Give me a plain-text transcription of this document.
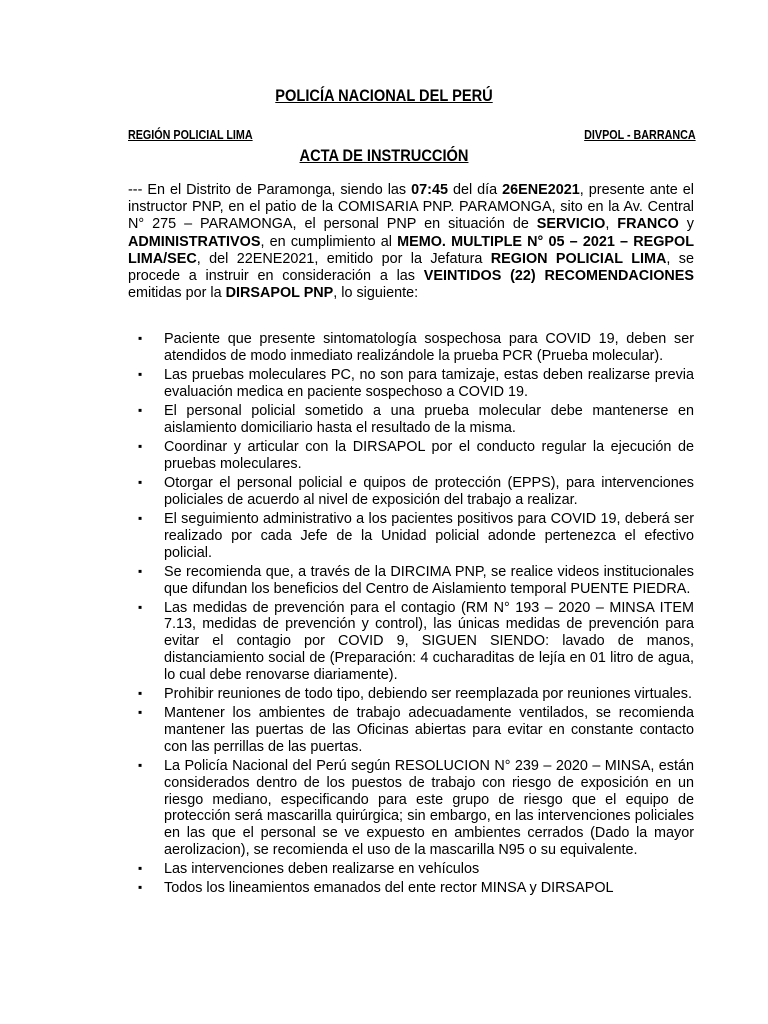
POLICÍA NACIONAL DEL PERÚ
REGIÓN POLICIAL LIMA	DIVPOL - BARRANCA
ACTA DE INSTRUCCIÓN

--- En el Distrito de Paramonga, siendo las 07:45 del día 26ENE2021, presente ante el instructor PNP, en el patio de la COMISARIA PNP. PARAMONGA, sito en la Av. Central N° 275 – PARAMONGA, el personal PNP en situación de SERVICIO, FRANCO y ADMINISTRATIVOS, en cumplimiento al MEMO. MULTIPLE N° 05 – 2021 – REGPOL LIMA/SEC, del 22ENE2021, emitido por la Jefatura REGION POLICIAL LIMA, se procede a instruir en consideración a las VEINTIDOS (22) RECOMENDACIONES emitidas por la DIRSAPOL PNP, lo siguiente:

▪ Paciente que presente sintomatología sospechosa para COVID 19, deben ser atendidos de modo inmediato realizándole la prueba PCR (Prueba molecular).
▪ Las pruebas moleculares PC, no son para tamizaje, estas deben realizarse previa evaluación medica en paciente sospechoso a COVID 19.
▪ El personal policial sometido a una prueba molecular debe mantenerse en aislamiento domiciliario hasta el resultado de la misma.
▪ Coordinar y articular con la DIRSAPOL por el conducto regular la ejecución de pruebas moleculares.
▪ Otorgar el personal policial e quipos de protección (EPPS), para intervenciones policiales de acuerdo al nivel de exposición del trabajo a realizar.
▪ El seguimiento administrativo a los pacientes positivos para COVID 19, deberá ser realizado por cada Jefe de la Unidad policial adonde pertenezca el efectivo policial.
▪ Se recomienda que, a través de la DIRCIMA PNP, se realice videos institucionales que difundan los beneficios del Centro de Aislamiento temporal PUENTE PIEDRA.
▪ Las medidas de prevención para el contagio (RM N° 193 – 2020 – MINSA ITEM 7.13, medidas de prevención y control), las únicas medidas de prevención para evitar el contagio por COVID 9, SIGUEN SIENDO: lavado de manos, distanciamiento social de (Preparación: 4 cucharaditas de lejía en 01 litro de agua, lo cual debe renovarse diariamente).
▪ Prohibir reuniones de todo tipo, debiendo ser reemplazada por reuniones virtuales.
▪ Mantener los ambientes de trabajo adecuadamente ventilados, se recomienda mantener las puertas de las Oficinas abiertas para evitar en constante contacto con las perrillas de las puertas.
▪ La Policía Nacional del Perú según RESOLUCION N° 239 – 2020 – MINSA, están considerados dentro de los puestos de trabajo con riesgo de exposición en un riesgo mediano, especificando para este grupo de riesgo que el equipo de protección será mascarilla quirúrgica; sin embargo, en las intervenciones policiales en las que el personal se ve expuesto en ambientes cerrados (Dado la mayor aerolizacion), se recomienda el uso de la mascarilla N95 o su equivalente.
▪ Las intervenciones deben realizarse en vehículos
▪ Todos los lineamientos emanados del ente rector MINSA y DIRSAPOL
